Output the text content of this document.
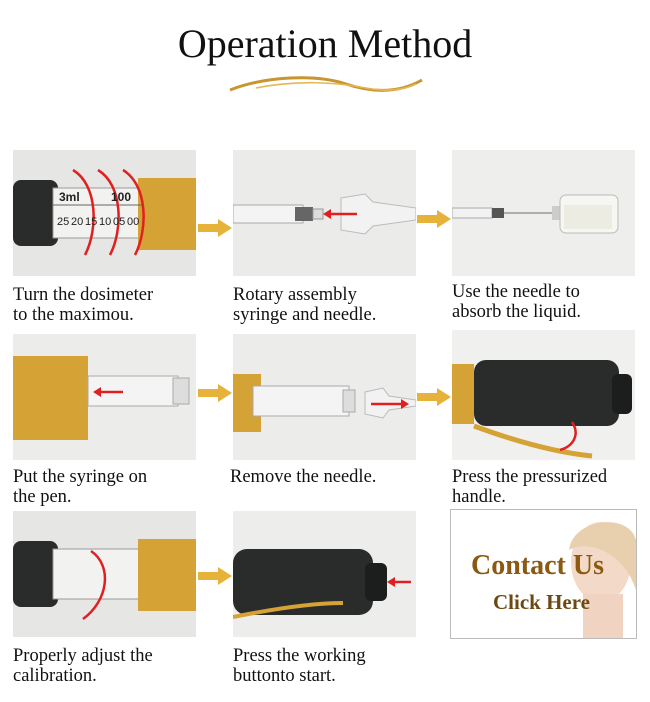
Operation Method
3ml	100
25 20 15 10 05 00
Turn the dosimeter
to the maximou.
Rotary assembly
syringe and needle.
Use the needle to
absorb the liquid.
Put the syringe on
the pen.
Remove the needle.	Press the pressurized
handle.
Properly adjust the
calibration.
Press the working
buttonto start.
Contact Us
Click Here
